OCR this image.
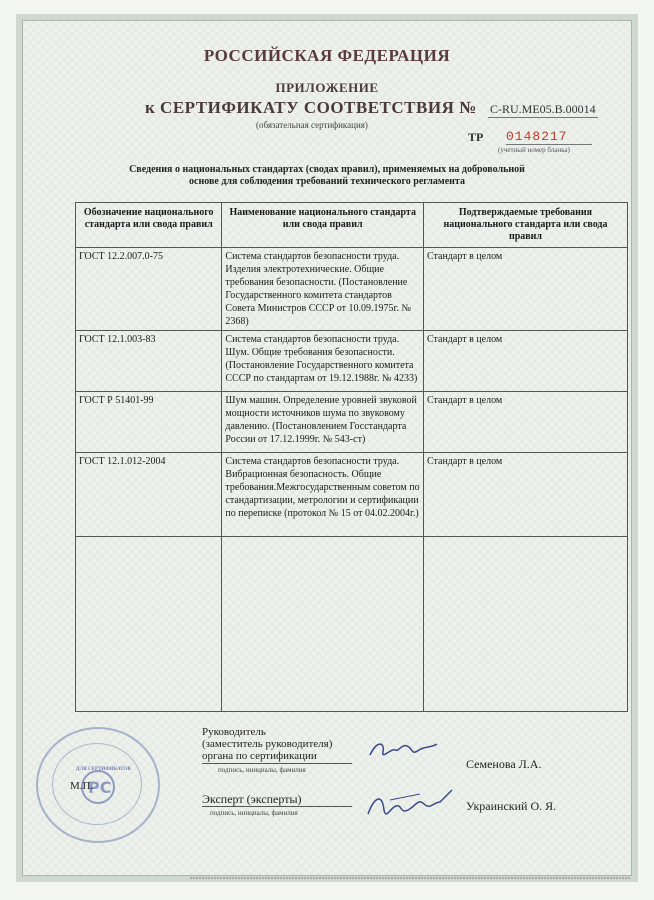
РОССИЙСКАЯ ФЕДЕРАЦИЯ
ПРИЛОЖЕНИЕ
к СЕРТИФИКАТУ СООТВЕТСТВИЯ № C-RU.ME05.B.00014
(обязательная сертификация)
ТР 0148217
(учетный номер бланка)
Сведения о национальных стандартах (сводах правил), применяемых на добровольной
основе для соблюдения требований технического регламента
Обозначение национального стандарта или свода правил	Наименование национального стандарта или свода правил	Подтверждаемые требования национального стандарта или свода правил
ГОСТ 12.2.007.0-75	Система стандартов безопасности труда. Изделия электротехнические. Общие требования безопасности. (Постановление Государственного комитета стандартов Совета Министров СССР от 10.09.1975г. № 2368)	Стандарт в целом
ГОСТ 12.1.003-83	Система стандартов безопасности труда. Шум. Общие требования безопасности. (Постановление Государственного комитета СССР по стандартам от 19.12.1988г. № 4233)	Стандарт в целом
ГОСТ Р 51401-99	Шум машин. Определение уровней звуковой мощности источников шума по звуковому давлению. (Постановлением Госстандарта России от 17.12.1999г. № 543-ст)	Стандарт в целом
ГОСТ 12.1.012-2004	Система стандартов безопасности труда. Вибрационная безопасность. Общие требования.Межгосударственным советом по стандартизации, метрологии и сертификации по переписке (протокол № 15 от 04.02.2004г.)	Стандарт в целом

РС
ДЛЯ СЕРТИФИКАТОВ
М.П.
Руководитель
(заместитель руководителя)
органа по сертификации
подпись, инициалы, фамилия	Семенова Л.А.
Эксперт (эксперты)
подпись, инициалы, фамилия	Украинский О. Я.
